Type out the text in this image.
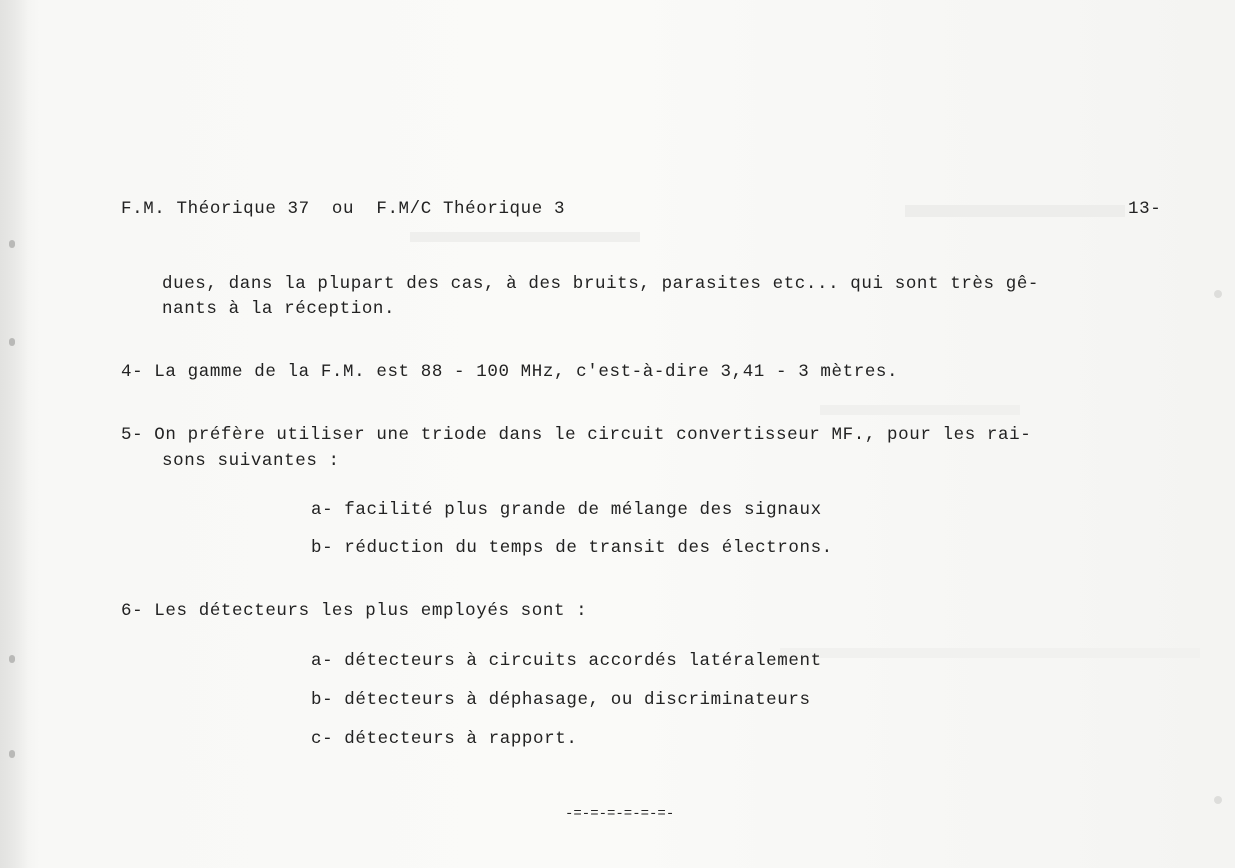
F.M. Théorique 37  ou  F.M/C Théorique 3	13-
dues, dans la plupart des cas, à des bruits, parasites etc... qui sont très gê-
nants à la réception.
4- La gamme de la F.M. est 88 - 100 MHz, c'est-à-dire 3,41 - 3 mètres.
5- On préfère utiliser une triode dans le circuit convertisseur MF., pour les rai-
sons suivantes :
a- facilité plus grande de mélange des signaux
b- réduction du temps de transit des électrons.
6- Les détecteurs les plus employés sont :
a- détecteurs à circuits accordés latéralement
b- détecteurs à déphasage, ou discriminateurs
c- détecteurs à rapport.
-=-=-=-=-=-=-
